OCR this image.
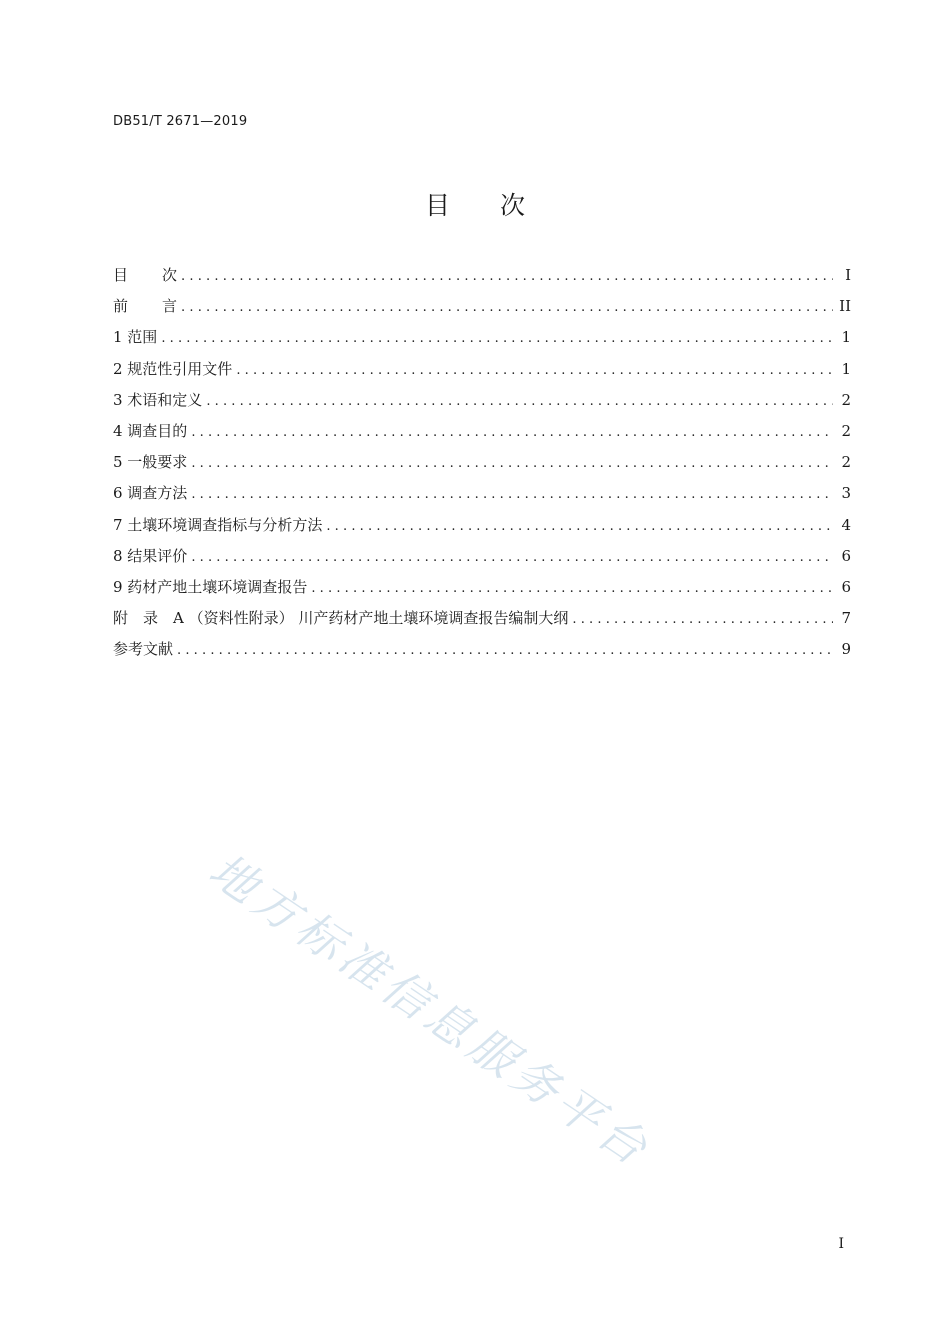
DB51/T 2671—2019
目 次
目 次 .....	I
前 言 .....	II
1 范围 .....	1
2 规范性引用文件 .....	1
3 术语和定义 .....	2
4 调查目的 .....	2
5 一般要求 .....	2
6 调查方法 .....	3
7 土壤环境调查指标与分析方法 .....	4
8 结果评价 .....	6
9 药材产地土壤环境调查报告 .....	6
附　录　A （资料性附录） 川产药材产地土壤环境调查报告编制大纲 .....	7
参考文献 .....	9
地方标准信息服务平台
I
